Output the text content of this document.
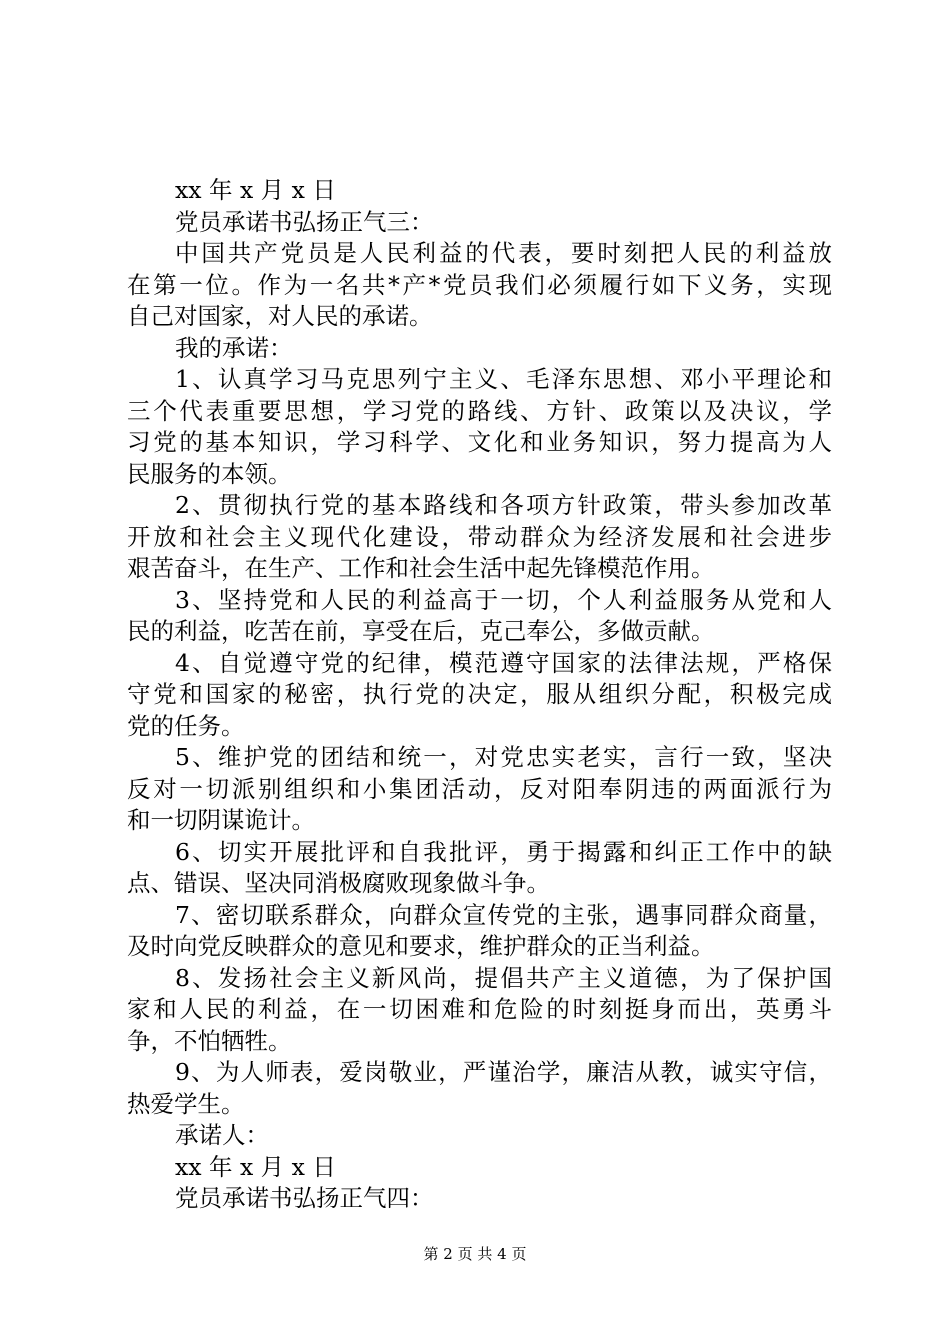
xx 年 x 月 x 日

党员承诺书弘扬正气三：

中国共产党员是人民利益的代表，要时刻把人民的利益放

在第一位。作为一名共*产*党员我们必须履行如下义务，实现

自己对国家，对人民的承诺。

我的承诺：

1、认真学习马克思列宁主义、毛泽东思想、邓小平理论和

三个代表重要思想，学习党的路线、方针、政策以及决议，学

习党的基本知识，学习科学、文化和业务知识，努力提高为人

民服务的本领。

2、贯彻执行党的基本路线和各项方针政策，带头参加改革

开放和社会主义现代化建设，带动群众为经济发展和社会进步

艰苦奋斗，在生产、工作和社会生活中起先锋模范作用。

3、坚持党和人民的利益高于一切，个人利益服务从党和人

民的利益，吃苦在前，享受在后，克己奉公，多做贡献。

4、自觉遵守党的纪律，模范遵守国家的法律法规，严格保

守党和国家的秘密，执行党的决定，服从组织分配，积极完成

党的任务。

5、维护党的团结和统一，对党忠实老实，言行一致，坚决

反对一切派别组织和小集团活动，反对阳奉阴违的两面派行为

和一切阴谋诡计。

6、切实开展批评和自我批评，勇于揭露和纠正工作中的缺

点、错误、坚决同消极腐败现象做斗争。

7、密切联系群众，向群众宣传党的主张，遇事同群众商量，

及时向党反映群众的意见和要求，维护群众的正当利益。

8、发扬社会主义新风尚，提倡共产主义道德，为了保护国

家和人民的利益，在一切困难和危险的时刻挺身而出，英勇斗

争，不怕牺牲。

9、为人师表，爱岗敬业，严谨治学，廉洁从教，诚实守信，

热爱学生。

承诺人：

xx 年 x 月 x 日

党员承诺书弘扬正气四：

第 2 页 共 4 页
